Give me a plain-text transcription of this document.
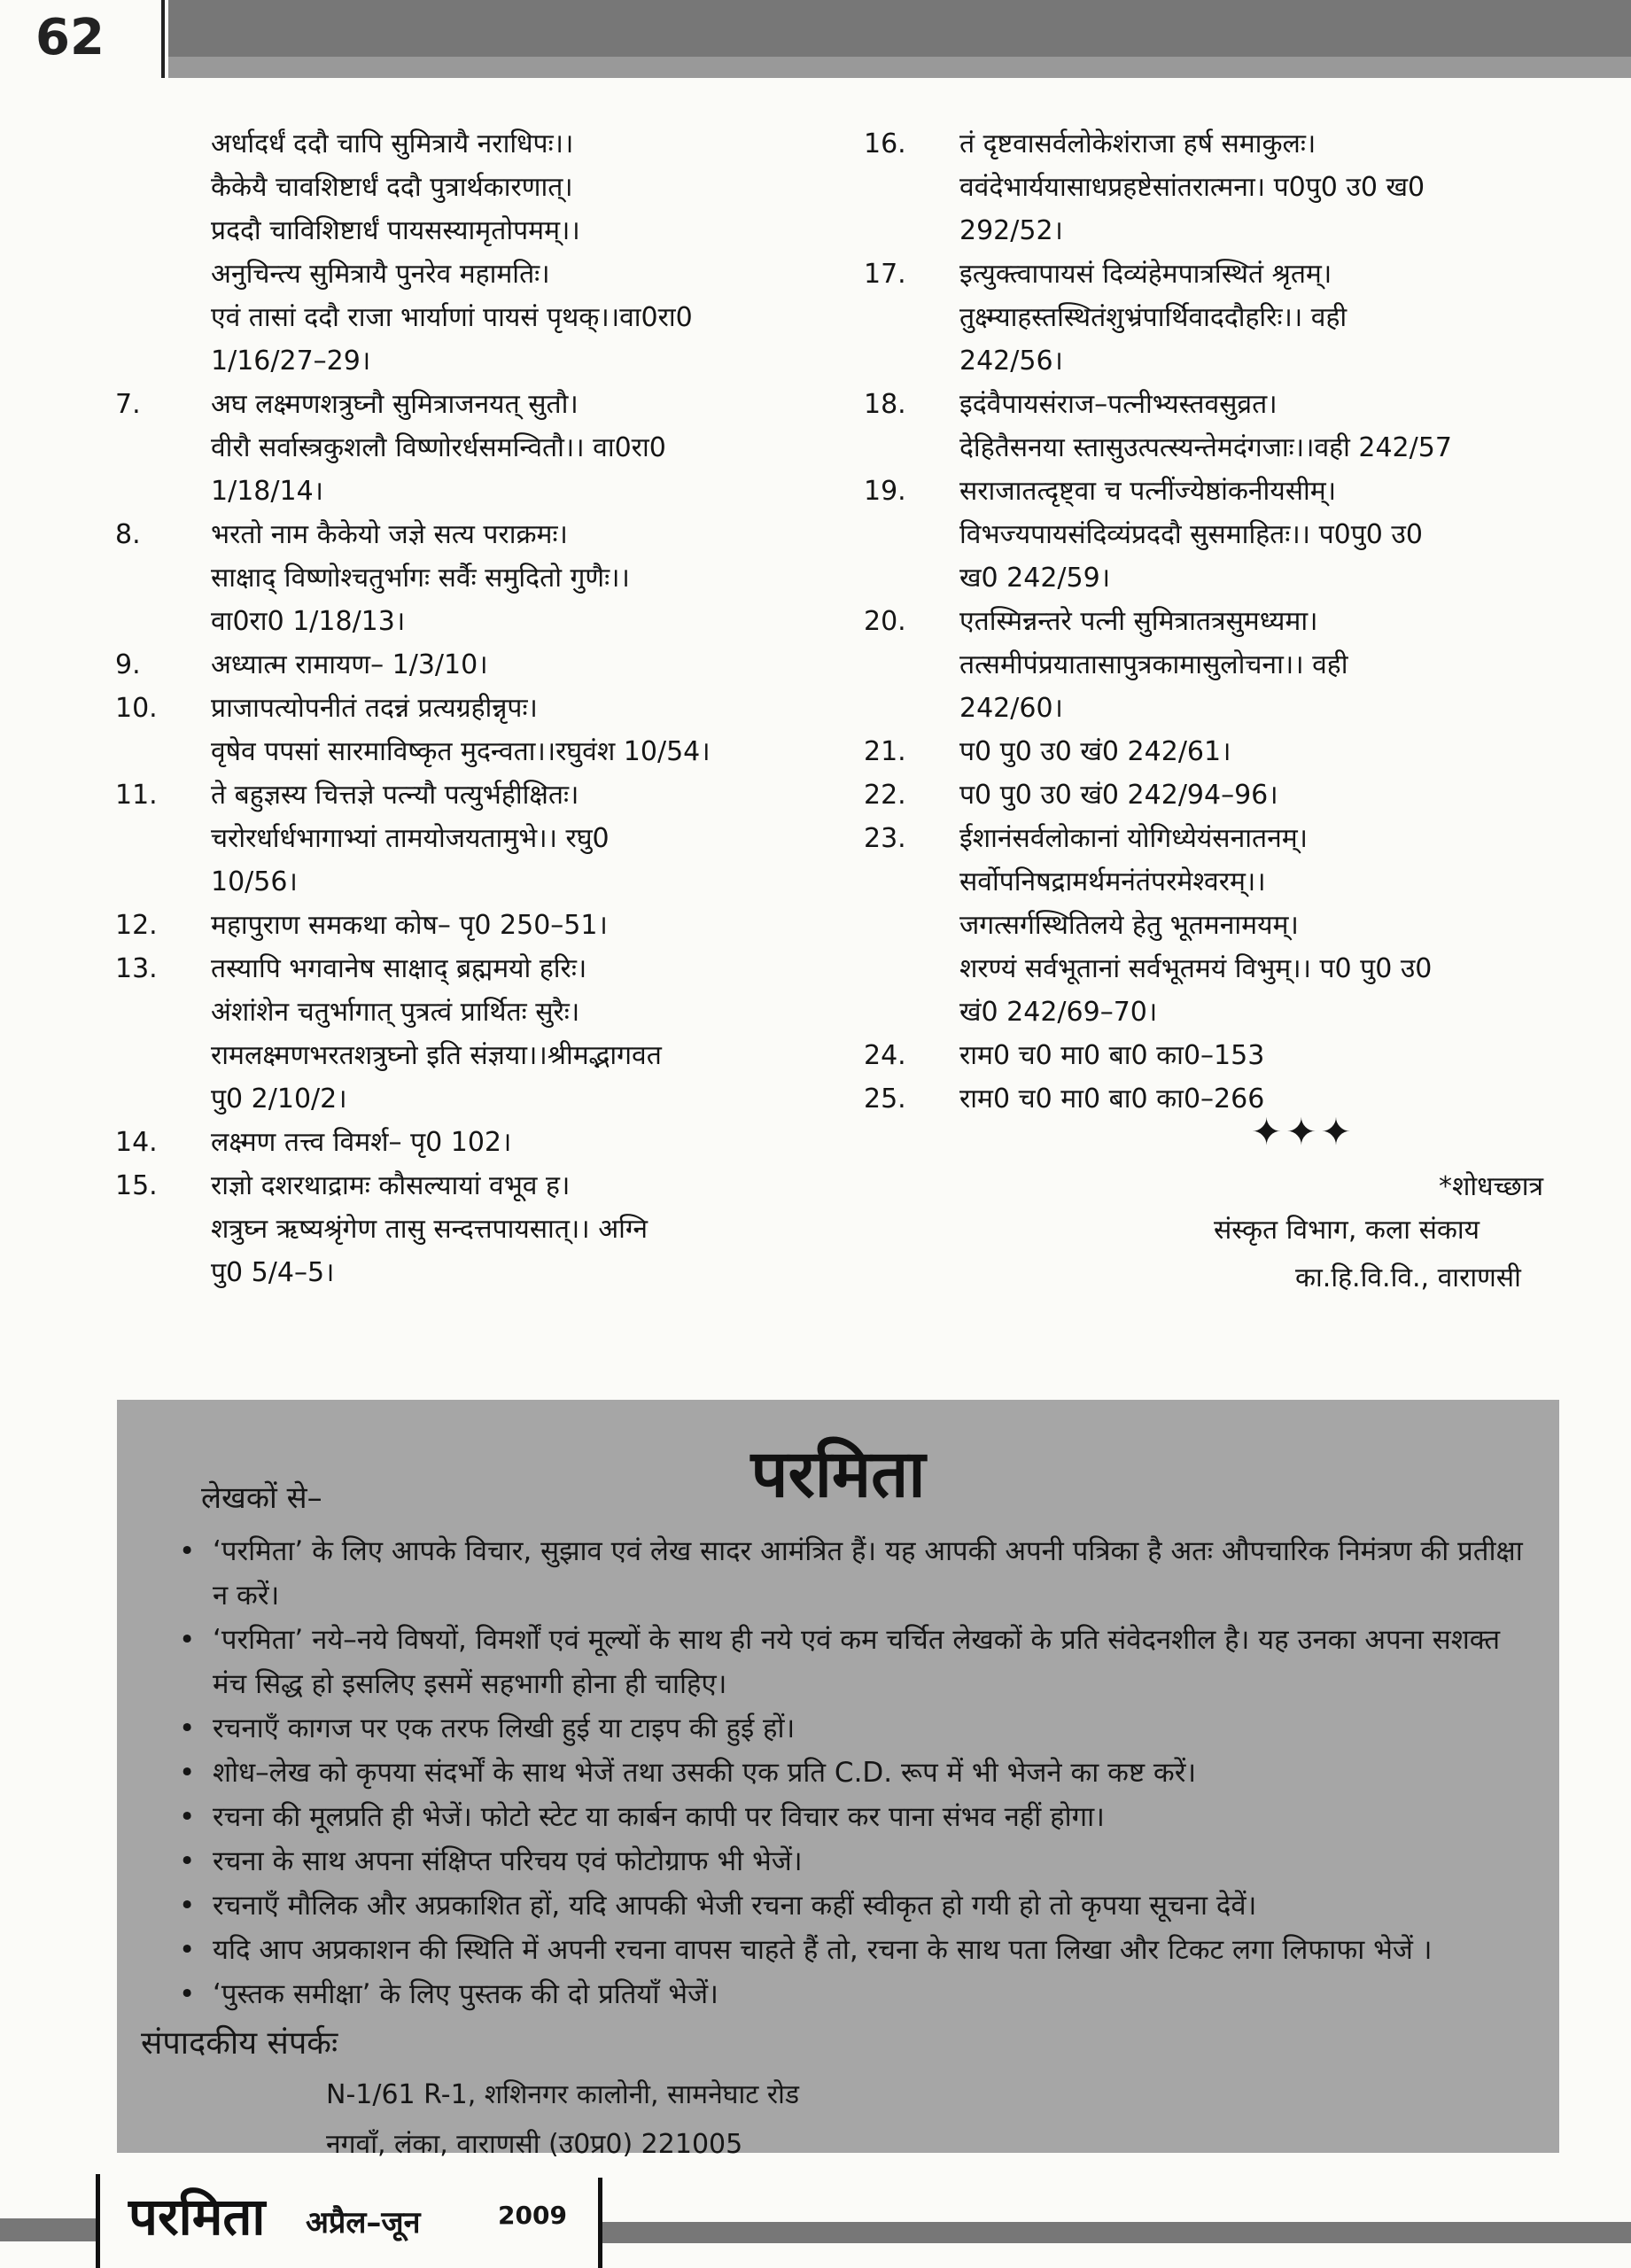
62
अर्धादर्धं ददौ चापि सुमित्रायै नराधिपः।।
कैकेयै चावशिष्टार्धं ददौ पुत्रार्थकारणात्।
प्रददौ चाविशिष्टार्धं पायसस्यामृतोपमम्।।
अनुचिन्त्य सुमित्रायै पुनरेव महामतिः।
एवं तासां ददौ राजा भार्याणां पायसं पृथक्।।वा0रा0
1/16/27–29।
7.	अघ लक्ष्मणशत्रुघ्नौ सुमित्राजनयत् सुतौ।
वीरौ सर्वास्त्रकुशलौ विष्णोरर्धसमन्वितौ।। वा0रा0
1/18/14।
8.	भरतो नाम कैकेयो जज्ञे सत्य पराक्रमः।
साक्षाद् विष्णोश्चतुर्भागः सर्वैः समुदितो गुणैः।।
वा0रा0 1/18/13।
9.	अध्यात्म रामायण– 1/3/10।
10.	प्राजापत्योपनीतं तदन्नं प्रत्यग्रहीन्नृपः।
वृषेव पपसां सारमाविष्कृत मुदन्वता।।रघुवंश 10/54।
11.	ते बहुज्ञस्य चित्तज्ञे पत्न्यौ पत्युर्भहीक्षितः।
चरोरर्धार्धभागाभ्यां तामयोजयतामुभे।। रघु0
10/56।
12.	महापुराण समकथा कोष– पृ0 250–51।
13.	तस्यापि भगवानेष साक्षाद् ब्रह्ममयो हरिः।
अंशांशेन चतुर्भागात् पुत्रत्वं प्रार्थितः सुरैः।
रामलक्ष्मणभरतशत्रुघ्नो इति संज्ञया।।श्रीमद्भागवत
पु0 2/10/2।
14.	लक्ष्मण तत्त्व विमर्श– पृ0 102।
15.	राज्ञो दशरथाद्रामः कौसल्यायां वभूव ह।
शत्रुघ्न ऋष्यश्रृंगेण तासु सन्दत्तपायसात्।। अग्नि
पु0 5/4–5।
16.	तं दृष्टवासर्वलोकेशंराजा हर्ष समाकुलः।
ववंदेभार्ययासाधप्रहष्टेसांतरात्मना। प0पु0 उ0 ख0
292/52।
17.	इत्युक्त्वापायसं दिव्यंहेमपात्रस्थितं श्रृतम्।
तुक्ष्म्याहस्तस्थितंशुभ्रंपार्थिवाददौहरिः।। वही
242/56।
18.	इदंवैपायसंराज–पत्नीभ्यस्तवसुव्रत।
देहितैसनया स्तासुउत्पत्स्यन्तेमदंगजाः।।वही 242/57
19.	सराजातत्दृष्ट्वा च पत्नींज्येष्ठांकनीयसीम्।
विभज्यपायसंदिव्यंप्रददौ सुसमाहितः।। प0पु0 उ0
ख0 242/59।
20.	एतस्मिन्नन्तरे पत्नी सुमित्रातत्रसुमध्यमा।
तत्समीपंप्रयातासापुत्रकामासुलोचना।। वही
242/60।
21.	प0 पु0 उ0 खं0 242/61।
22.	प0 पु0 उ0 खं0 242/94–96।
23.	ईशानंसर्वलोकानां योगिध्येयंसनातनम्।
सर्वोपनिषद्रामर्थमनंतंपरमेश्वरम्।।
जगत्सर्गस्थितिलये हेतु भूतमनामयम्।
शरण्यं सर्वभूतानां सर्वभूतमयं विभुम्।। प0 पु0 उ0
खं0 242/69–70।
24.	राम0 च0 मा0 बा0 का0–153
25.	राम0 च0 मा0 बा0 का0–266
✦✦✦
*शोधच्छात्र
संस्कृत विभाग, कला संकाय
का.हि.वि.वि., वाराणसी
परमिता
लेखकों से–
• ‘परमिता’ के लिए आपके विचार, सुझाव एवं लेख सादर आमंत्रित हैं। यह आपकी अपनी पत्रिका है अतः औपचारिक निमंत्रण की प्रतीक्षा न करें।
• ‘परमिता’ नये–नये विषयों, विमर्शों एवं मूल्यों के साथ ही नये एवं कम चर्चित लेखकों के प्रति संवेदनशील है। यह उनका अपना सशक्त मंच सिद्ध हो इसलिए इसमें सहभागी होना ही चाहिए।
• रचनाएँ कागज पर एक तरफ लिखी हुई या टाइप की हुई हों।
• शोध–लेख को कृपया संदर्भों के साथ भेजें तथा उसकी एक प्रति C.D. रूप में भी भेजने का कष्ट करें।
• रचना की मूलप्रति ही भेजें। फोटो स्टेट या कार्बन कापी पर विचार कर पाना संभव नहीं होगा।
• रचना के साथ अपना संक्षिप्त परिचय एवं फोटोग्राफ भी भेजें।
• रचनाएँ मौलिक और अप्रकाशित हों, यदि आपकी भेजी रचना कहीं स्वीकृत हो गयी हो तो कृपया सूचना देवें।
• यदि आप अप्रकाशन की स्थिति में अपनी रचना वापस चाहते हैं तो, रचना के साथ पता लिखा और टिकट लगा लिफाफा भेजें ।
• ‘पुस्तक समीक्षा’ के लिए पुस्तक की दो प्रतियाँ भेजें।
संपादकीय संपर्कः
N-1/61 R-1, शशिनगर कालोनी, सामनेघाट रोड
नगवाँ, लंका, वाराणसी (उ0प्र0) 221005
परमिता अप्रैल–जून	2009
